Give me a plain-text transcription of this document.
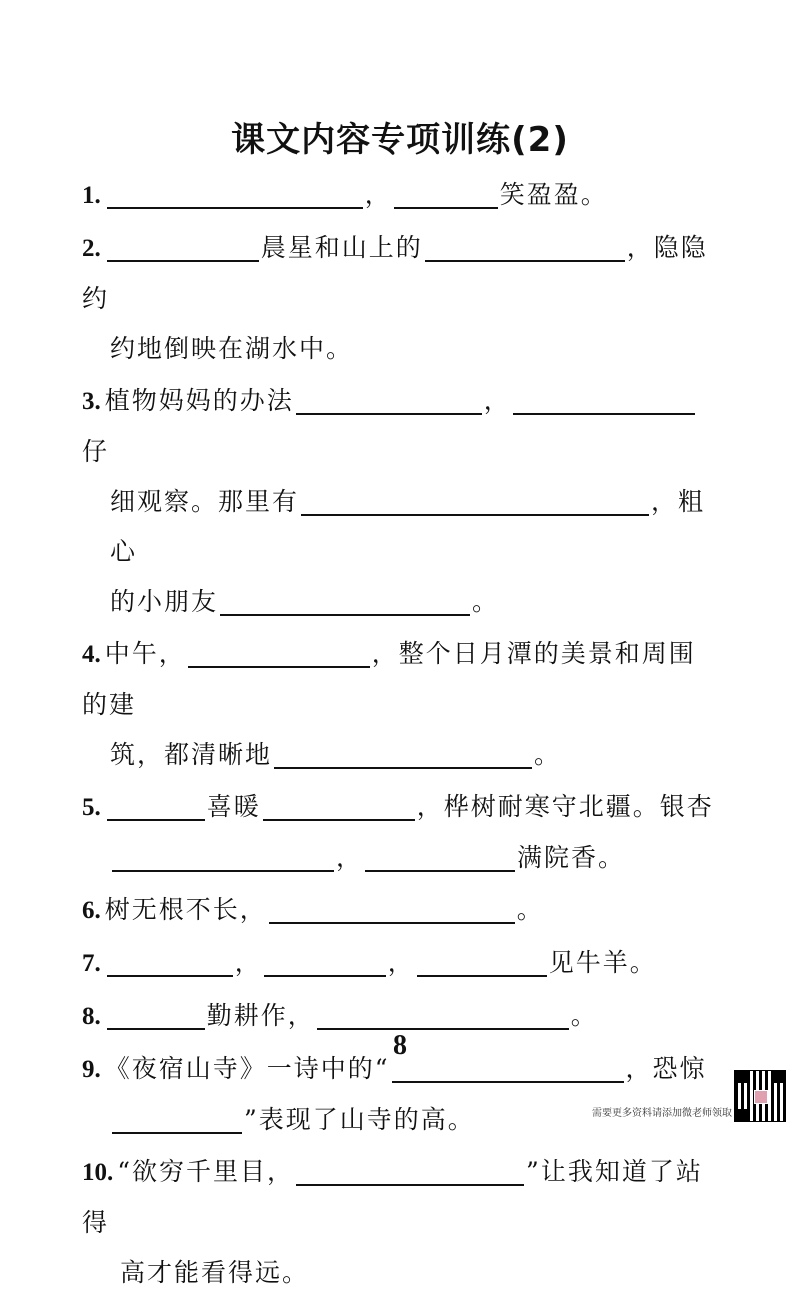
课文内容专项训练(2)
1.	，	笑盈盈。
2.	晨星和山上的	，隐隐约
约地倒映在湖水中。
3. 植物妈妈的办法	，仔
细观察。那里有	，粗心
的小朋友	。
4. 中午，	，整个日月潭的美景和周围的建
筑，都清晰地	。
5.	喜暖	，桦树耐寒守北疆。银杏
，	满院香。
6. 树无根不长，	。
7.	，	，	见牛羊。
8.	勤耕作，	。
9. 《夜宿山寺》一诗中的“	，恐惊
”表现了山寺的高。
10. “欲穷千里目，	”让我知道了站得
高才能看得远。
8
需要更多资料请添加微老师领取
